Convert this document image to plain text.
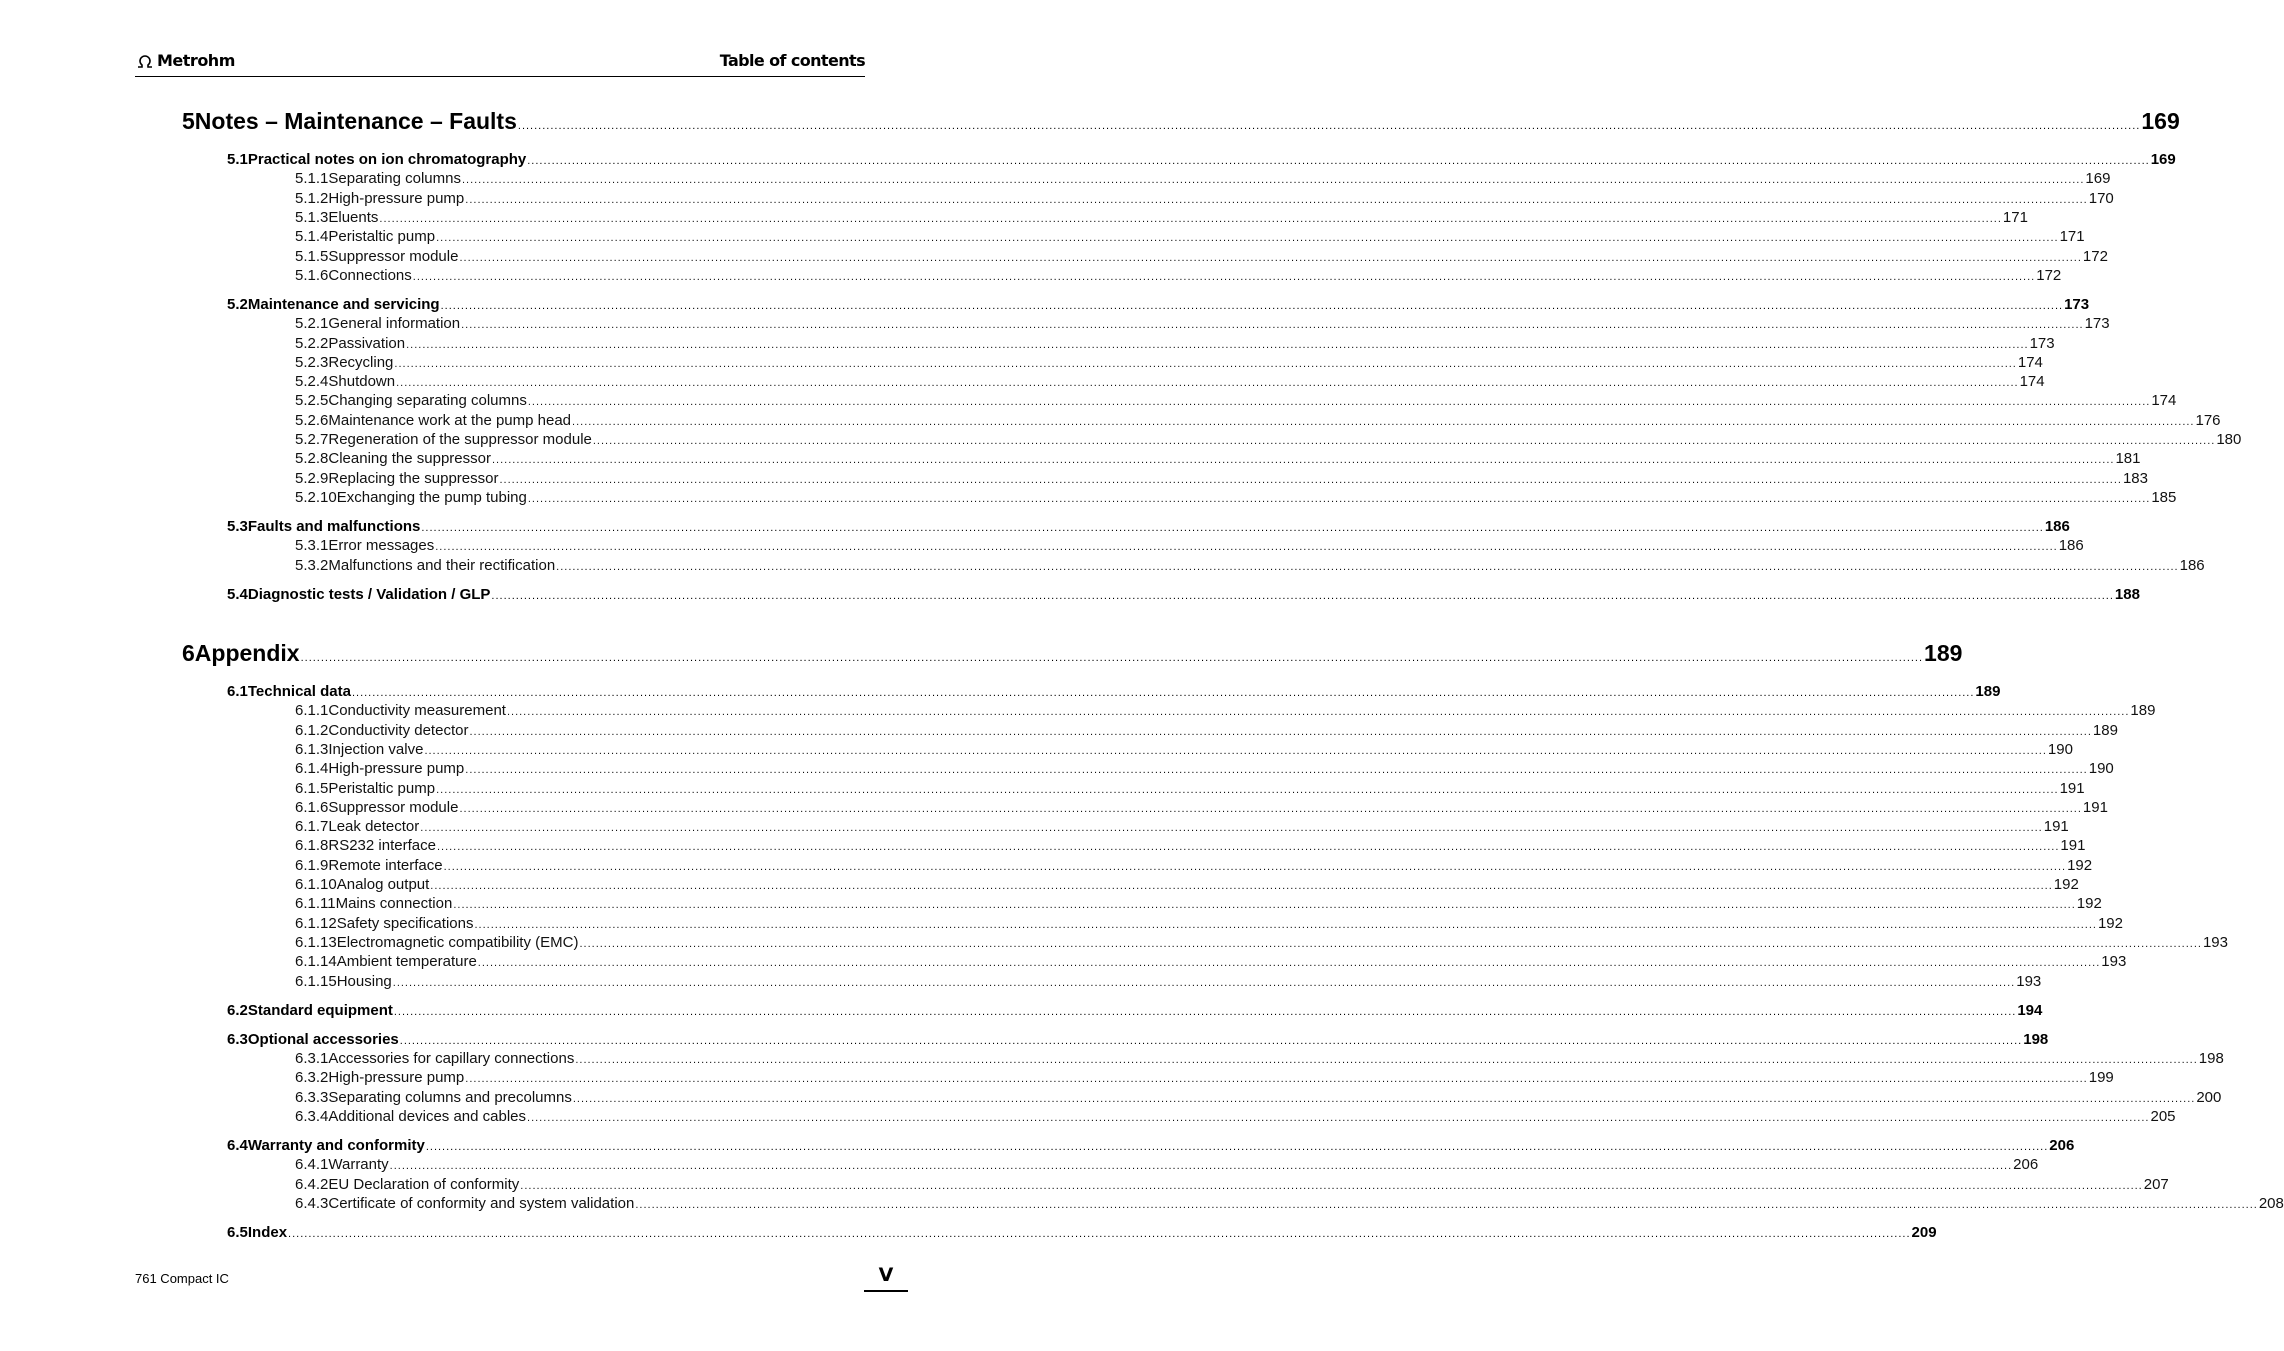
Metrohm	Table of contents
5 Notes – Maintenance – Faults ................................................................................................................................................................................................................................................................................................................................................................................................................ 169
5.1 Practical notes on ion chromatography ................................................................................................................................................................................................................................................................................................................................................................................................................ 169
5.1.1 Separating columns ................................................................................................................................................................................................................................................................................................................................................................................................................ 169
5.1.2 High-pressure pump ................................................................................................................................................................................................................................................................................................................................................................................................................ 170
5.1.3 Eluents ................................................................................................................................................................................................................................................................................................................................................................................................................ 171
5.1.4 Peristaltic pump ................................................................................................................................................................................................................................................................................................................................................................................................................ 171
5.1.5 Suppressor module ................................................................................................................................................................................................................................................................................................................................................................................................................ 172
5.1.6 Connections ................................................................................................................................................................................................................................................................................................................................................................................................................ 172
5.2 Maintenance and servicing ................................................................................................................................................................................................................................................................................................................................................................................................................ 173
5.2.1 General information ................................................................................................................................................................................................................................................................................................................................................................................................................ 173
5.2.2 Passivation ................................................................................................................................................................................................................................................................................................................................................................................................................ 173
5.2.3 Recycling ................................................................................................................................................................................................................................................................................................................................................................................................................ 174
5.2.4 Shutdown ................................................................................................................................................................................................................................................................................................................................................................................................................ 174
5.2.5 Changing separating columns ................................................................................................................................................................................................................................................................................................................................................................................................................ 174
5.2.6 Maintenance work at the pump head ................................................................................................................................................................................................................................................................................................................................................................................................................ 176
5.2.7 Regeneration of the suppressor module ................................................................................................................................................................................................................................................................................................................................................................................................................ 180
5.2.8 Cleaning the suppressor ................................................................................................................................................................................................................................................................................................................................................................................................................ 181
5.2.9 Replacing the suppressor ................................................................................................................................................................................................................................................................................................................................................................................................................ 183
5.2.10 Exchanging the pump tubing ................................................................................................................................................................................................................................................................................................................................................................................................................ 185
5.3 Faults and malfunctions ................................................................................................................................................................................................................................................................................................................................................................................................................ 186
5.3.1 Error messages ................................................................................................................................................................................................................................................................................................................................................................................................................ 186
5.3.2 Malfunctions and their rectification ................................................................................................................................................................................................................................................................................................................................................................................................................ 186
5.4 Diagnostic tests / Validation / GLP ................................................................................................................................................................................................................................................................................................................................................................................................................ 188
6 Appendix ................................................................................................................................................................................................................................................................................................................................................................................................................ 189
6.1 Technical data ................................................................................................................................................................................................................................................................................................................................................................................................................ 189
6.1.1 Conductivity measurement ................................................................................................................................................................................................................................................................................................................................................................................................................ 189
6.1.2 Conductivity detector ................................................................................................................................................................................................................................................................................................................................................................................................................ 189
6.1.3 Injection valve ................................................................................................................................................................................................................................................................................................................................................................................................................ 190
6.1.4 High-pressure pump ................................................................................................................................................................................................................................................................................................................................................................................................................ 190
6.1.5 Peristaltic pump ................................................................................................................................................................................................................................................................................................................................................................................................................ 191
6.1.6 Suppressor module ................................................................................................................................................................................................................................................................................................................................................................................................................ 191
6.1.7 Leak detector ................................................................................................................................................................................................................................................................................................................................................................................................................ 191
6.1.8 RS232 interface ................................................................................................................................................................................................................................................................................................................................................................................................................ 191
6.1.9 Remote interface ................................................................................................................................................................................................................................................................................................................................................................................................................ 192
6.1.10 Analog output ................................................................................................................................................................................................................................................................................................................................................................................................................ 192
6.1.11 Mains connection ................................................................................................................................................................................................................................................................................................................................................................................................................ 192
6.1.12 Safety specifications ................................................................................................................................................................................................................................................................................................................................................................................................................ 192
6.1.13 Electromagnetic compatibility (EMC) ................................................................................................................................................................................................................................................................................................................................................................................................................ 193
6.1.14 Ambient temperature ................................................................................................................................................................................................................................................................................................................................................................................................................ 193
6.1.15 Housing ................................................................................................................................................................................................................................................................................................................................................................................................................ 193
6.2 Standard equipment ................................................................................................................................................................................................................................................................................................................................................................................................................ 194
6.3 Optional accessories ................................................................................................................................................................................................................................................................................................................................................................................................................ 198
6.3.1 Accessories for capillary connections ................................................................................................................................................................................................................................................................................................................................................................................................................ 198
6.3.2 High-pressure pump ................................................................................................................................................................................................................................................................................................................................................................................................................ 199
6.3.3 Separating columns and precolumns ................................................................................................................................................................................................................................................................................................................................................................................................................ 200
6.3.4 Additional devices and cables ................................................................................................................................................................................................................................................................................................................................................................................................................ 205
6.4 Warranty and conformity ................................................................................................................................................................................................................................................................................................................................................................................................................ 206
6.4.1 Warranty ................................................................................................................................................................................................................................................................................................................................................................................................................ 206
6.4.2 EU Declaration of conformity ................................................................................................................................................................................................................................................................................................................................................................................................................ 207
6.4.3 Certificate of conformity and system validation ................................................................................................................................................................................................................................................................................................................................................................................................................ 208
6.5 Index ................................................................................................................................................................................................................................................................................................................................................................................................................ 209
761 Compact IC	V
